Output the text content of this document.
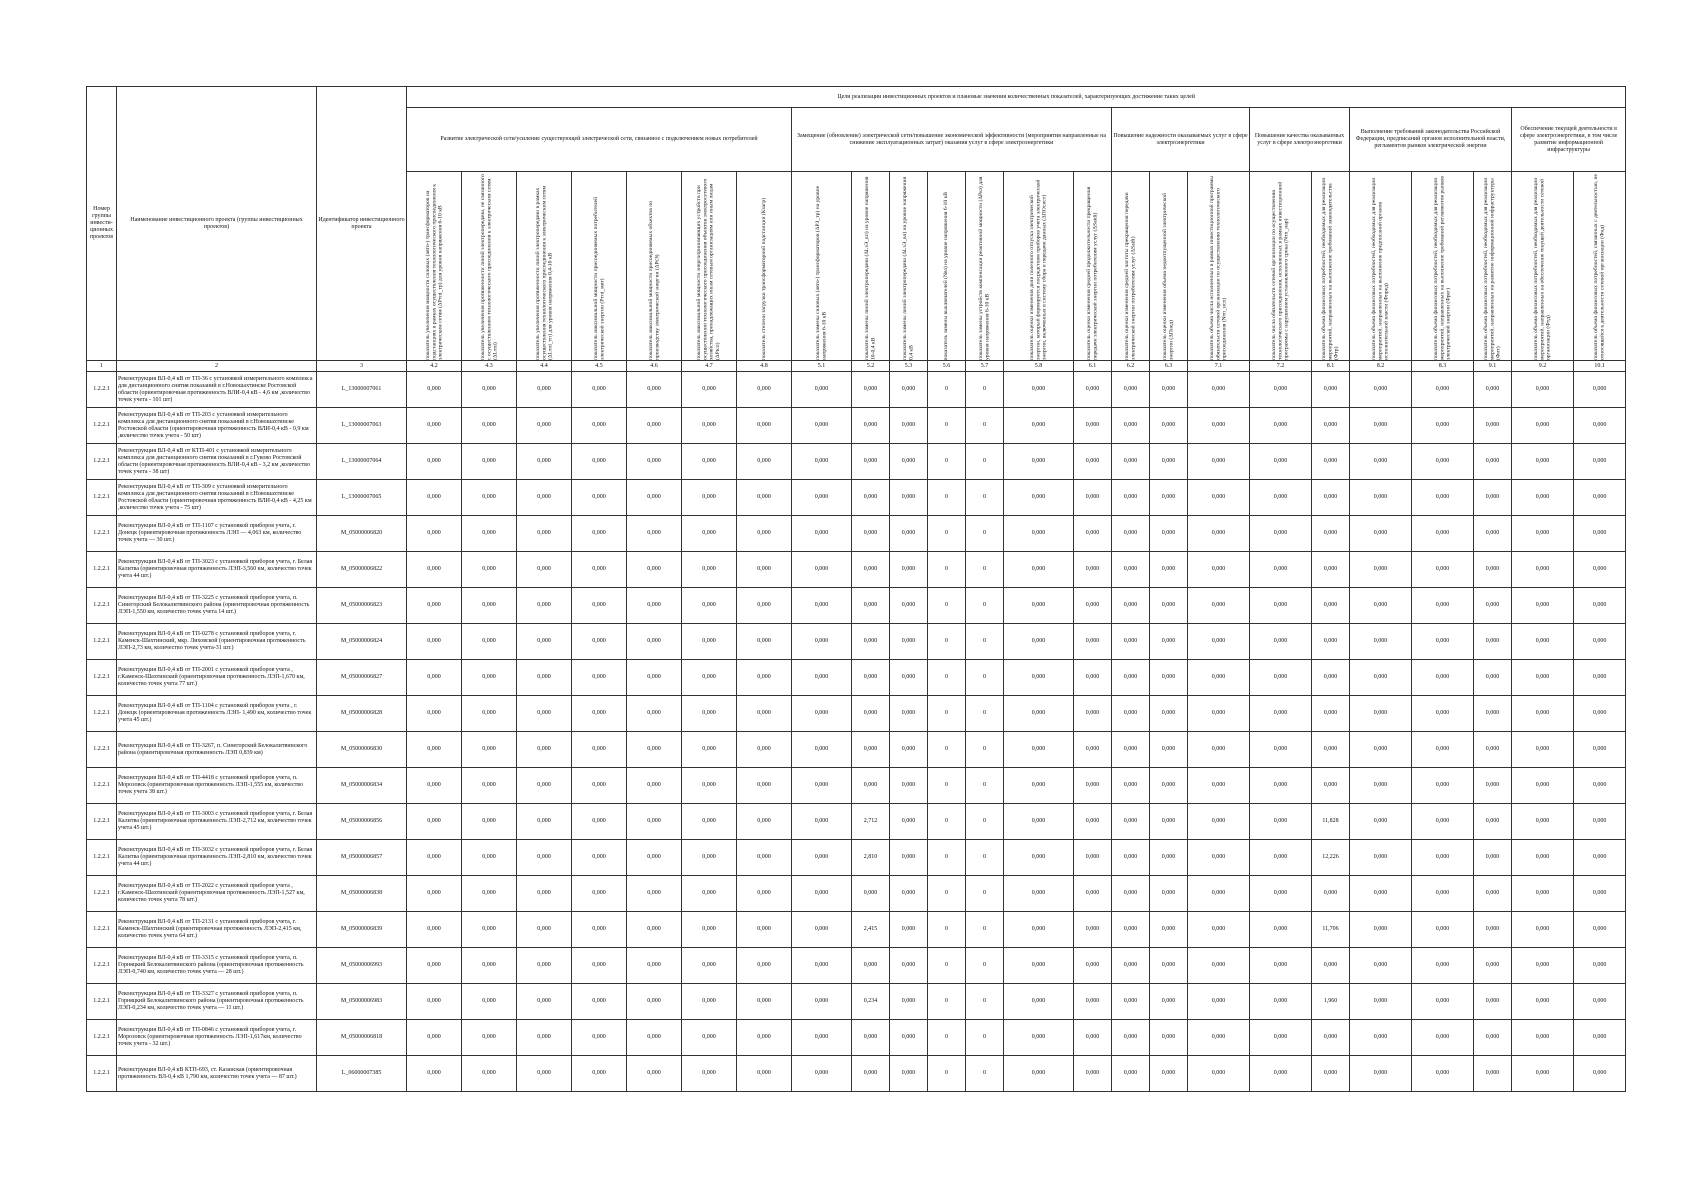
Номер группы инвести-ционных проектов	Наименование инвестиционного проекта (группы инвестиционных проектов)	Идентификатор инвестиционного проекта	Цели реализации инвестиционных проектов и плановые значения количественных показателей, характеризующих достижение таких целей																								
			Развитие электрической сети/усиление существующей электрической сети, связанное с подключением новых потребителей							Замещение (обновление) электрической сети/повышение экономической эффективности (мероприятия направленные на снижение эксплуатационных затрат) оказания услуг в сфере электроэнергетики							Повышение надежности оказываемых услуг в сфере электроэнергетики			Повышение качества оказываемых услуг в сфере электроэнергетики		Выполнение требований законодательства Российской Федерации, предписаний органов исполнительной власти, регламентов рынков электрической энергии			Обеспечение текущей деятельности в сфере электроэнергетики, в том числе развитие информационной инфраструктуры	

			показатель увеличения мощности силовых (авто-) трансформаторов на подстанциях в рамках осуществления технологического присоединения к электрическим сетям (ΔPтпi_тр) для уровня напряжения 6-10 кВ	показатель увеличения протяженности линий электропередачи, не связанного с осуществлением технологического присоединения к электрическим сетям (ΔLтпi)	показатель увеличения протяженности линий электропередачи в рамках осуществления технологического присоединения к электрическим сетям (ΔLтпi_тп) для уровня напряжения 0,4-10 кВ	показатель максимальной мощности присоединяемых потребителей электрической энергии (Pтпi_мвт)	показатель максимальной мощности присоединяемых объектов по производству электрической энергии (ΔPtЭ)	показатель максимальной мощности энергопринимающих устройств при осуществлении технологического присоединения объектов электросетевого хозяйства, принадлежащих иным сетевым организациям или иным лицам (ΔPtсп)	показатель степени загрузки трансформаторной подстанции (Кзагр)	показатель замены силовых (авто-) трансформаторов (ΔРЗ_тр) на уровне напряжения 6-10 кВ	показатель замены линий электропередачи (ΔLзЭ_кп) на уровне напряжения 10-0,4 кВ	показатель замены линий электропередачи (ΔLзЭ_вл) на уровне напряжения 0,4 кВ	показатель замены выключателей (Nвз) на уровне напряжения 6-10 кВ	показатель замены устройств компенсации реактивной мощности (ΔPкз) для уровня напряжения 6-10 кВ	показатель оценки изменения доли полезного отпуска электрической энергии, который формируется посредством приборов учета электрической энергии, включенных в систему сбора и передачи данных (ΔПОсист)	показатель оценки изменения средней продолжительности прекращения передачи электрической энергии потребителям услуг (ΔSaidi)	показатель оценки изменения средней частоты прекращения передачи электрической энергии потребителям услуг (ΔSaifi)	показатель оценки изменения объема недоотпущенной электрической энергии (ΔПнед)	показатель объема числа исполненных в рамках инвестиционной программы обязательств сетевой организации по осуществлению технологического присоединения (Nтп_исп)	показатель числа обязательств сетевой организации по осуществлению технологического присоединения, исполненных в рамках инвестиционной программы с нарушением установленного срока (Nтп_нар)	показатель объема финансовых потребностей, необходимых для реализации мероприятий, направленных на выполнение требований законодательства (Фтр)	показатель объема финансовых потребностей, необходимых для реализации мероприятий, направленных на выполнение предписаний органов исполнительной власти (Фпред)	показатель объема финансовых потребностей, необходимых для реализации мероприятий, направленных на выполнение требований регламентов рынков электрической энергии (Фрег)	показатель объема финансовых потребностей, необходимых для реализации мероприятий, направленных на развитие информационной инфраструктуры (Фит)	показатель объема финансовых потребностей, необходимых для реализации мероприятий, направленных на обеспечение текущей деятельности сетевой организации (Фтд)	показатель объема финансовых потребностей, связанных с деятельностью, не относящейся к деятельности сетевой организации (Фнд)	

1	2	3	4.2	4.3	4.4	4.5	4.6	4.7	4.8	5.1	5.2	5.3	5.6	5.7	5.8	6.1	6.2	6.3	7.1	7.2	8.1	8.2	8.3	9.1	9.2	10.1	
1.2.2.1	Реконструкция ВЛ-0,4 кВ от ТП-36 с установкой измерительного комплекса для дистанционного снятия показаний в г.Новошахтинске Ростовской области (ориентировочная протяженность ВЛИ-0,4 кВ - 4,6 км ,количество точек учета - 101 шт)	L_13000007061	0,000	0,000	0,000	0,000	0,000	0,000	0,000	0,000	0,000	0,000	0	0	0,000	0,000	0,000	0,000	0,000	0,000	0,000	0,000	0,000	0,000	0,000	0,000	
1.2.2.1	Реконструкция ВЛ-0,4 кВ от ТП-203 с установкой измерительного комплекса для дистанционного снятия показаний в г.Новошахтинске Ростовской области (ориентировочная протяженность ВЛИ-0,4 кВ - 0,9 км ,количество точек учета - 50 шт)	L_13000007063	0,000	0,000	0,000	0,000	0,000	0,000	0,000	0,000	0,000	0,000	0	0	0,000	0,000	0,000	0,000	0,000	0,000	0,000	0,000	0,000	0,000	0,000	0,000	
1.2.2.1	Реконструкция ВЛ-0,4 кВ от КТП-401 с установкой измерительного комплекса для дистанционного снятия показаний в г.Гуково Ростовской области (ориентировочная протяженность ВЛИ-0,4 кВ - 3,2 км ,количество точек учета - 38 шт)	L_13000007064	0,000	0,000	0,000	0,000	0,000	0,000	0,000	0,000	0,000	0,000	0	0	0,000	0,000	0,000	0,000	0,000	0,000	0,000	0,000	0,000	0,000	0,000	0,000	
1.2.2.1	Реконструкция ВЛ-0,4 кВ от ТП-309 с установкой измерительного комплекса для дистанционного снятия показаний в г.Новошахтинске Ростовской области (ориентировочная протяженность ВЛИ-0,4 кВ - 4,25 км ,количество точек учета - 75 шт)	L_13000007065	0,000	0,000	0,000	0,000	0,000	0,000	0,000	0,000	0,000	0,000	0	0	0,000	0,000	0,000	0,000	0,000	0,000	0,000	0,000	0,000	0,000	0,000	0,000	
1.2.2.1	Реконструкция ВЛ-0,4 кВ от ТП-1107 с установкой приборов учета, г. Донецк (ориентировочная протяженность ЛЭП — 4,063 км, количество точек учета — 30 шт.)	M_05000006820	0,000	0,000	0,000	0,000	0,000	0,000	0,000	0,000	0,000	0,000	0	0	0,000	0,000	0,000	0,000	0,000	0,000	0,000	0,000	0,000	0,000	0,000	0,000	
1.2.2.1	Реконструкция ВЛ-0,4 кВ от ТП-3023 с установкой приборов учета, г. Белая Калитва (ориентировочная протяженность ЛЭП-3,560 км, количество точек учета 44 шт.)	M_05000006822	0,000	0,000	0,000	0,000	0,000	0,000	0,000	0,000	0,000	0,000	0	0	0,000	0,000	0,000	0,000	0,000	0,000	0,000	0,000	0,000	0,000	0,000	0,000	
1.2.2.1	Реконструкция ВЛ-0,4 кВ от ТП-3225 с установкой приборов учета, п. Синегорский Белокалитвинского района (ориентировочная протяженность ЛЭП-1,550 км, количество точек учета 14 шт.)	M_05000006823	0,000	0,000	0,000	0,000	0,000	0,000	0,000	0,000	0,000	0,000	0	0	0,000	0,000	0,000	0,000	0,000	0,000	0,000	0,000	0,000	0,000	0,000	0,000	
1.2.2.1	Реконструкция ВЛ-0,4 кВ от ТП-0278 с установкой приборов учета, г. Каменск-Шахтинский, мкр. Лиховской (ориентировочная протяженность ЛЭП-2,73 км, количество точек учета-31 шт.)	M_05000006824	0,000	0,000	0,000	0,000	0,000	0,000	0,000	0,000	0,000	0,000	0	0	0,000	0,000	0,000	0,000	0,000	0,000	0,000	0,000	0,000	0,000	0,000	0,000	
1.2.2.1	Реконструкция ВЛ-0,4 кВ от ТП-2001 с установкой приборов учета , г.Каменск-Шахтинский (ориентировочная протяженность ЛЭП-1,670 км, количество точек учета 77 шт.)	M_05000006827	0,000	0,000	0,000	0,000	0,000	0,000	0,000	0,000	0,000	0,000	0	0	0,000	0,000	0,000	0,000	0,000	0,000	0,000	0,000	0,000	0,000	0,000	0,000	
1.2.2.1	Реконструкция ВЛ-0,4 кВ от ТП-1104 с установкой приборов учета , г. Донецк (ориентировочная протяженность ЛЭП- 1,490 км, количество точек учета 45 шт.)	M_05000006828	0,000	0,000	0,000	0,000	0,000	0,000	0,000	0,000	0,000	0,000	0	0	0,000	0,000	0,000	0,000	0,000	0,000	0,000	0,000	0,000	0,000	0,000	0,000	
1.2.2.1	Реконструкция ВЛ-0,4 кВ от ТП-3267, п. Синегорский Белокалитвинского района (ориентировочная протяженность ЛЭП 0,839 км)	M_05000006830	0,000	0,000	0,000	0,000	0,000	0,000	0,000	0,000	0,000	0,000	0	0	0,000	0,000	0,000	0,000	0,000	0,000	0,000	0,000	0,000	0,000	0,000	0,000	
1.2.2.1	Реконструкция ВЛ-0,4 кВ от ТП-4418 с установкой приборов учета, п. Морозовск (ориентировочная протяженность ЛЭП-1,555 км, количество точек учета 38 шт.)	M_05000006834	0,000	0,000	0,000	0,000	0,000	0,000	0,000	0,000	0,000	0,000	0	0	0,000	0,000	0,000	0,000	0,000	0,000	0,000	0,000	0,000	0,000	0,000	0,000	
1.2.2.1	Реконструкция ВЛ-0,4 кВ от ТП-3003 с установкой приборов учета, г. Белая Калитва (ориентировочная протяженность ЛЭП-2,712 км, количество точек учета 45 шт.)	M_05000006856	0,000	0,000	0,000	0,000	0,000	0,000	0,000	0,000	2,712	0,000	0	0	0,000	0,000	0,000	0,000	0,000	0,000	11,828	0,000	0,000	0,000	0,000	0,000	
1.2.2.1	Реконструкция ВЛ-0,4 кВ от ТП-3032 с установкой приборов учета, г. Белая Калитва (ориентировочная протяженность ЛЭП-2,810 км, количество точек учета 44 шт.)	M_05000006857	0,000	0,000	0,000	0,000	0,000	0,000	0,000	0,000	2,810	0,000	0	0	0,000	0,000	0,000	0,000	0,000	0,000	12,226	0,000	0,000	0,000	0,000	0,000	
1.2.2.1	Реконструкция ВЛ-0,4 кВ от ТП-2022 с установкой приборов учета , г.Каменск-Шахтинский (ориентировочная протяженность ЛЭП-1,527 км, количество точек учета 78 шт.)	M_05000006838	0,000	0,000	0,000	0,000	0,000	0,000	0,000	0,000	0,000	0,000	0	0	0,000	0,000	0,000	0,000	0,000	0,000	0,000	0,000	0,000	0,000	0,000	0,000	
1.2.2.1	Реконструкция ВЛ-0,4 кВ от ТП-2131 с установкой приборов учета, г. Каменск-Шахтинский (ориентировочная протяженность ЛЭП-2,415 км, количество точек учета 64 шт.)	M_05000006839	0,000	0,000	0,000	0,000	0,000	0,000	0,000	0,000	2,415	0,000	0	0	0,000	0,000	0,000	0,000	0,000	0,000	11,706	0,000	0,000	0,000	0,000	0,000	
1.2.2.1	Реконструкция ВЛ-0,4 кВ от ТП-3315 с установкой приборов учета, п. Горняцкий Белокалитвинского района (ориентировочная протяженность ЛЭП-0,740 км, количество точек учета — 28 шт.)	M_05000006993	0,000	0,000	0,000	0,000	0,000	0,000	0,000	0,000	0,000	0,000	0	0	0,000	0,000	0,000	0,000	0,000	0,000	0,000	0,000	0,000	0,000	0,000	0,000	
1.2.2.1	Реконструкция ВЛ-0,4 кВ от ТП-3327 с установкой приборов учета, п. Горняцкий Белокалитвинского района (ориентировочная протяженность ЛЭП-0,234 км, количество точек учета — 11 шт.)	M_05000006983	0,000	0,000	0,000	0,000	0,000	0,000	0,000	0,000	0,234	0,000	0	0	0,000	0,000	0,000	0,000	0,000	0,000	1,960	0,000	0,000	0,000	0,000	0,000	
1.2.2.1	Реконструкция ВЛ-0,4 кВ от ТП-0846 с установкой приборов учета, г. Морозовск (ориентировочная протяженность ЛЭП-1,617км, количество точек учета - 32 шт.)	M_05000006818	0,000	0,000	0,000	0,000	0,000	0,000	0,000	0,000	0,000	0,000	0	0	0,000	0,000	0,000	0,000	0,000	0,000	0,000	0,000	0,000	0,000	0,000	0,000	
1.2.2.1	Реконструкция ВЛ-0,4 кВ КТП-693, ст. Казанская (ориентировочная протяженность ВЛ-0,4 кВ 1,790 км, количество точек учета — 87 шт.)	L_06000007385	0,000	0,000	0,000	0,000	0,000	0,000	0,000	0,000	0,000	0,000	0	0	0,000	0,000	0,000	0,000	0,000	0,000	0,000	0,000	0,000	0,000	0,000	0,000	
